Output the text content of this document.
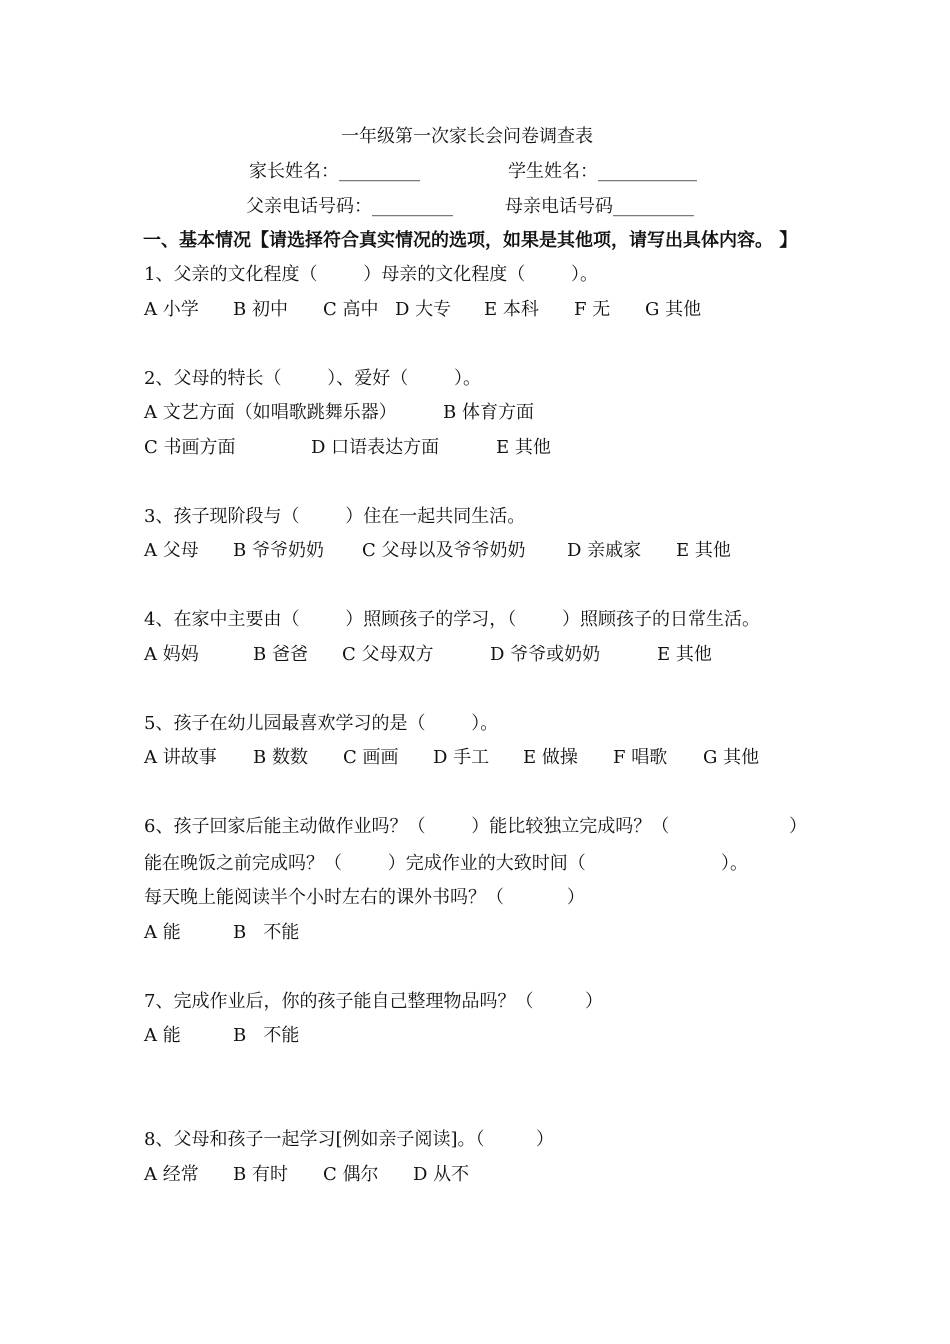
一年级第一次家长会问卷调查表
家长姓名：_________	学生姓名：___________
父亲电话号码：_________	母亲电话号码_________
一、基本情况【请选择符合真实情况的选项，如果是其他项，请写出具体内容。 】
1、父亲的文化程度（        ）母亲的文化程度（        ）。
A 小学 B 初中 C 高中 D 大专 E 本科 F 无 G 其他
2、父母的特长（        ）、爱好（        ）。
A 文艺方面（如唱歌跳舞乐器）	B 体育方面
C 书画方面	D 口语表达方面	E 其他
3、孩子现阶段与（        ）住在一起共同生活。
A 父母 B 爷爷奶奶 C 父母以及爷爷奶奶 D 亲戚家 E 其他
4、在家中主要由（        ）照顾孩子的学习，（        ）照顾孩子的日常生活。
A 妈妈	B 爸爸 C 父母双方	D 爷爷或奶奶	E 其他
5、孩子在幼儿园最喜欢学习的是（        ）。
A 讲故事 B 数数 C 画画 D 手工 E 做操 F 唱歌 G 其他
6、孩子回家后能主动做作业吗？（        ）能比较独立完成吗？（	）
能在晚饭之前完成吗？（        ）完成作业的大致时间（	）。
每天晚上能阅读半个小时左右的课外书吗？（           ）
A 能	B   不能
7、完成作业后，你的孩子能自己整理物品吗？（         ）
A 能	B   不能
8、父母和孩子一起学习[例如亲子阅读]。（         ）
A 经常 B 有时 C 偶尔 D 从不
